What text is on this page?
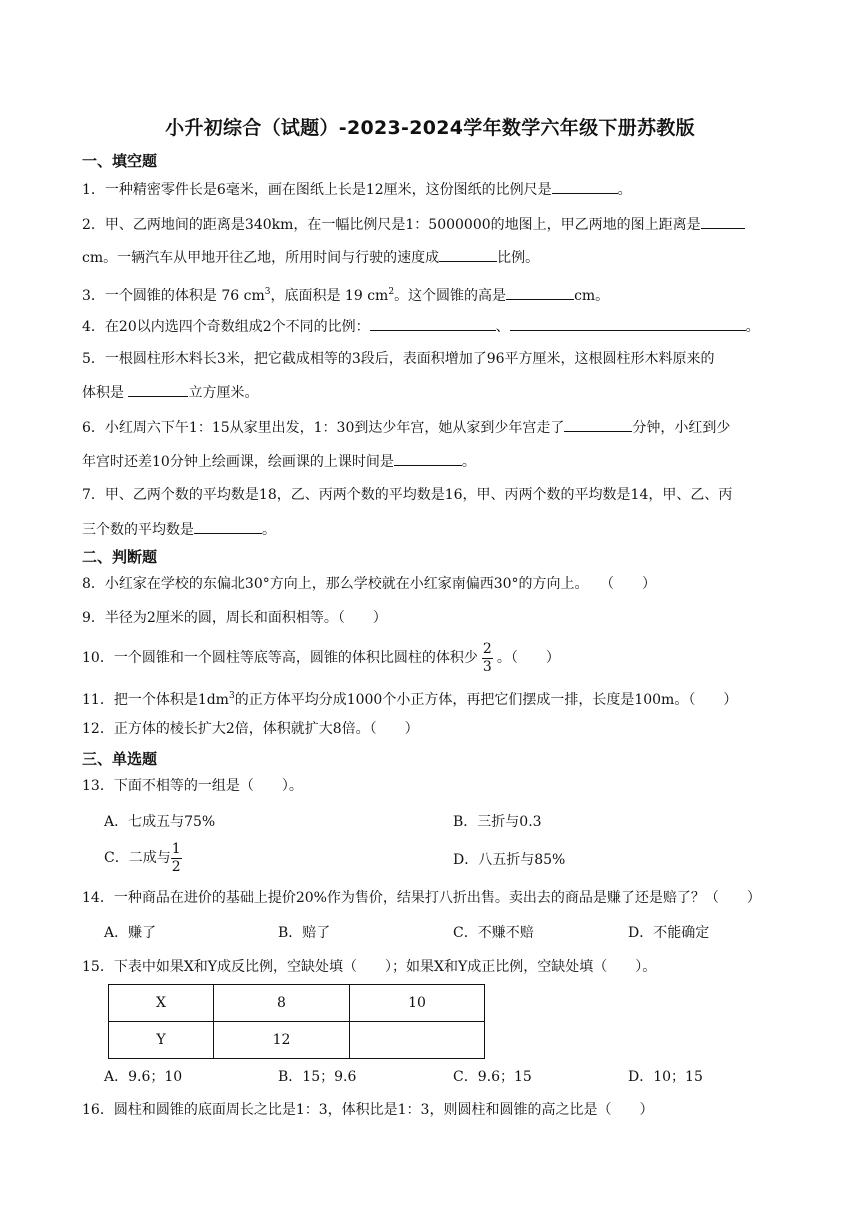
小升初综合（试题）-2023-2024学年数学六年级下册苏教版
一、填空题
1．一种精密零件长是6毫米，画在图纸上长是12厘米，这份图纸的比例尺是	。
2．甲、乙两地间的距离是340km，在一幅比例尺是1：5000000的地图上，甲乙两地的图上距离是
cm。一辆汽车从甲地开往乙地，所用时间与行驶的速度成	比例。
3．一个圆锥的体积是 76 $cm^3$，底面积是 19 $cm^2$。这个圆锥的高是	cm。
4．在20以内选四个奇数组成2个不同的比例：	、	。
5．一根圆柱形木料长3米，把它截成相等的3段后，表面积增加了96平方厘米，这根圆柱形木料原来的
体积是	立方厘米。
6．小红周六下午1：15从家里出发，1：30到达少年宫，她从家到少年宫走了	分钟，小红到少
年宫时还差10分钟上绘画课，绘画课的上课时间是	。
7．甲、乙两个数的平均数是18，乙、丙两个数的平均数是16，甲、丙两个数的平均数是14，甲、乙、丙
三个数的平均数是	。
二、判断题
8．小红家在学校的东偏北30°方向上，那么学校就在小红家南偏西30°的方向上。　 （　　）
9．半径为2厘米的圆，周长和面积相等。（　　）
10．一个圆锥和一个圆柱等底等高，圆锥的体积比圆柱的体积少 $\frac{2}{3}$ 。（　　）
11．把一个体积是$1dm^3$的正方体平均分成1000个小正方体，再把它们摆成一排，长度是100m。（　　）
12．正方体的棱长扩大2倍，体积就扩大8倍。（　　）
三、单选题
13．下面不相等的一组是（　　）。
A．七成五与75%	B．三折与0.3
C．二成与 $\frac{1}{2}$	D．八五折与85%
14．一种商品在进价的基础上提价20%作为售价，结果打八折出售。卖出去的商品是赚了还是赔了？（　　）
A．赚了	B．赔了	C．不赚不赔	D．不能确定
15．下表中如果X和Y成反比例，空缺处填（　　）；如果X和Y成正比例，空缺处填（　　）。
X	8	10
Y	12	
A．9.6；10	B．15；9.6	C．9.6；15	D．10；15
16．圆柱和圆锥的底面周长之比是1：3，体积比是1：3，则圆柱和圆锥的高之比是（　　）
